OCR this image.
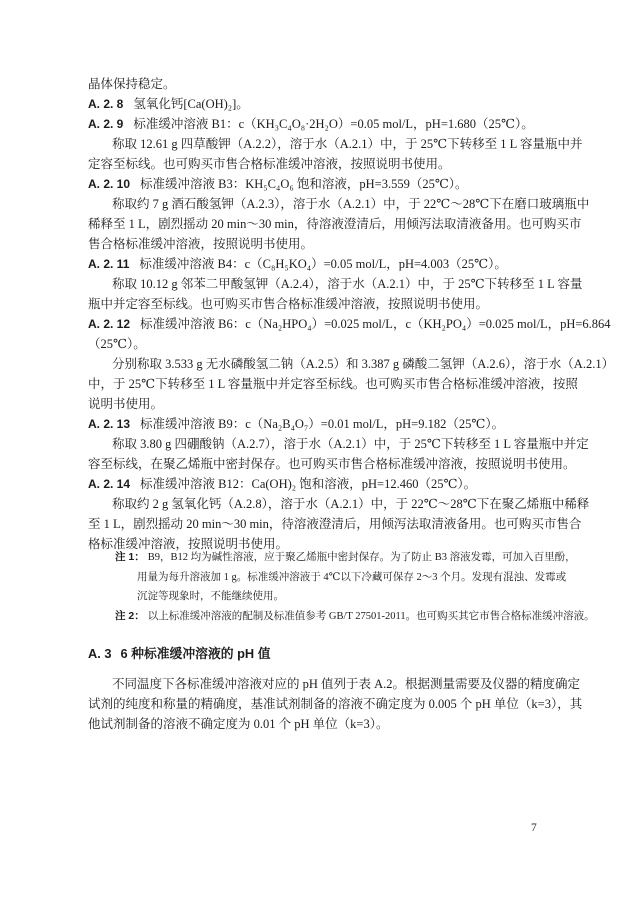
晶体保持稳定。
A. 2. 8 氢氧化钙[Ca(OH)₂]。
A. 2. 9 标准缓冲溶液 B1：c（KH₃C₄O₈·2H₂O）=0.05 mol/L，pH=1.680（25℃）。
称取 12.61 g 四草酸钾（A.2.2），溶于水（A.2.1）中，于 25℃下转移至 1 L 容量瓶中并
定容至标线。也可购买市售合格标准缓冲溶液，按照说明书使用。
A. 2. 10 标准缓冲溶液 B3：KH₅C₄O₆ 饱和溶液，pH=3.559（25℃）。
称取约 7 g 酒石酸氢钾（A.2.3），溶于水（A.2.1）中，于 22℃～28℃下在磨口玻璃瓶中
稀释至 1 L，剧烈摇动 20 min～30 min，待溶液澄清后，用倾泻法取清液备用。也可购买市
售合格标准缓冲溶液，按照说明书使用。
A. 2. 11 标准缓冲溶液 B4：c（C₈H₅KO₄）=0.05 mol/L，pH=4.003（25℃）。
称取 10.12 g 邻苯二甲酸氢钾（A.2.4），溶于水（A.2.1）中，于 25℃下转移至 1 L 容量
瓶中并定容至标线。也可购买市售合格标准缓冲溶液，按照说明书使用。
A. 2. 12 标准缓冲溶液 B6：c（Na₂HPO₄）=0.025 mol/L，c（KH₂PO₄）=0.025 mol/L，pH=6.864
（25℃）。
分别称取 3.533 g 无水磷酸氢二钠（A.2.5）和 3.387 g 磷酸二氢钾（A.2.6），溶于水（A.2.1）
中，于 25℃下转移至 1 L 容量瓶中并定容至标线。也可购买市售合格标准缓冲溶液，按照
说明书使用。
A. 2. 13 标准缓冲溶液 B9：c（Na₂B₄O₇）=0.01 mol/L，pH=9.182（25℃）。
称取 3.80 g 四硼酸钠（A.2.7），溶于水（A.2.1）中，于 25℃下转移至 1 L 容量瓶中并定
容至标线，在聚乙烯瓶中密封保存。也可购买市售合格标准缓冲溶液，按照说明书使用。
A. 2. 14 标准缓冲溶液 B12：Ca(OH)₂ 饱和溶液，pH=12.460（25℃）。
称取约 2 g 氢氧化钙（A.2.8），溶于水（A.2.1）中，于 22℃～28℃下在聚乙烯瓶中稀释
至 1 L，剧烈摇动 20 min～30 min，待溶液澄清后，用倾泻法取清液备用。也可购买市售合
格标准缓冲溶液，按照说明书使用。
注 1： B9，B12 均为碱性溶液，应于聚乙烯瓶中密封保存。为了防止 B3 溶液发霉，可加入百里酚，
用量为每升溶液加 1 g。标准缓冲溶液于 4℃以下冷藏可保存 2～3 个月。发现有混浊、发霉或
沉淀等现象时，不能继续使用。
注 2： 以上标准缓冲溶液的配制及标准值参考 GB/T 27501-2011。也可购买其它市售合格标准缓冲溶液。
A. 3 6 种标准缓冲溶液的 pH 值
不同温度下各标准缓冲溶液对应的 pH 值列于表 A.2。根据测量需要及仪器的精度确定
试剂的纯度和称量的精确度，基准试剂制备的溶液不确定度为 0.005 个 pH 单位（k=3），其
他试剂制备的溶液不确定度为 0.01 个 pH 单位（k=3）。
7
